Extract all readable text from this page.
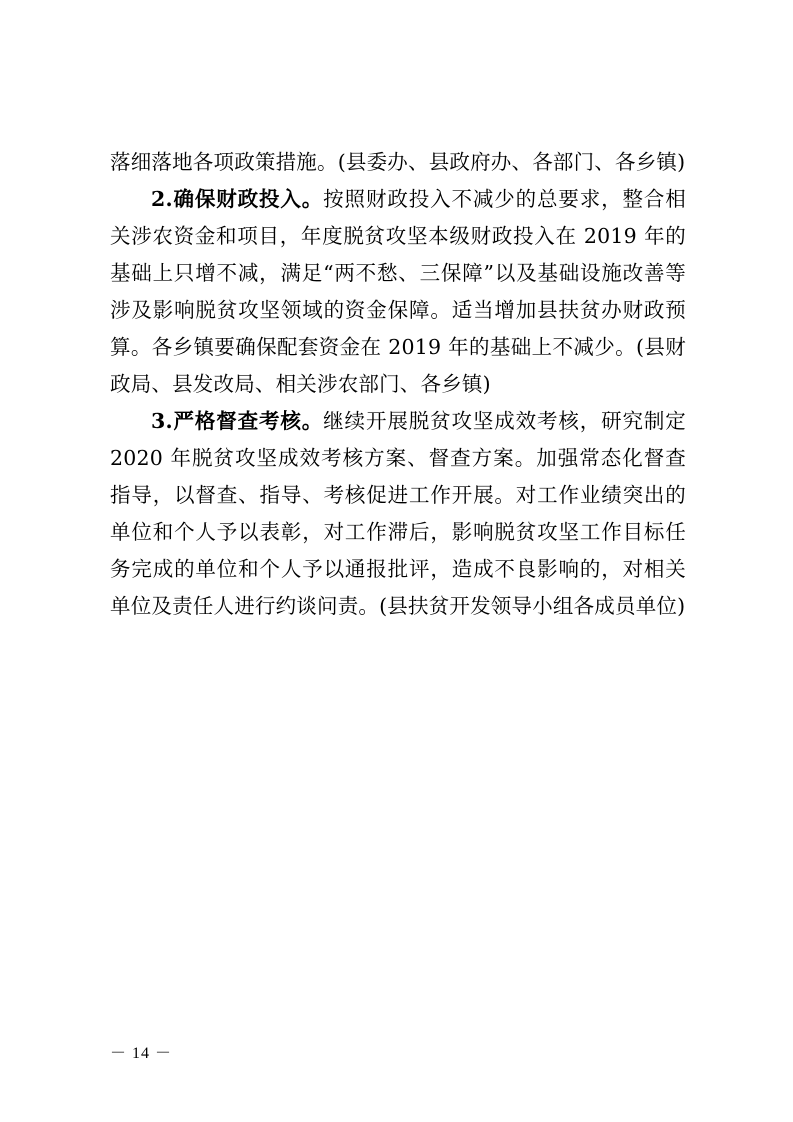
落细落地各项政策措施。(县委办、县政府办、各部门、各乡镇)

2.确保财政投入。按照财政投入不减少的总要求，整合相关涉农资金和项目，年度脱贫攻坚本级财政投入在 2019 年的基础上只增不减，满足“两不愁、三保障”以及基础设施改善等涉及影响脱贫攻坚领域的资金保障。适当增加县扶贫办财政预算。各乡镇要确保配套资金在 2019 年的基础上不减少。(县财政局、县发改局、相关涉农部门、各乡镇)

3.严格督查考核。继续开展脱贫攻坚成效考核，研究制定 2020 年脱贫攻坚成效考核方案、督查方案。加强常态化督查指导，以督查、指导、考核促进工作开展。对工作业绩突出的单位和个人予以表彰，对工作滞后，影响脱贫攻坚工作目标任务完成的单位和个人予以通报批评，造成不良影响的，对相关单位及责任人进行约谈问责。(县扶贫开发领导小组各成员单位)

－ 14 －
